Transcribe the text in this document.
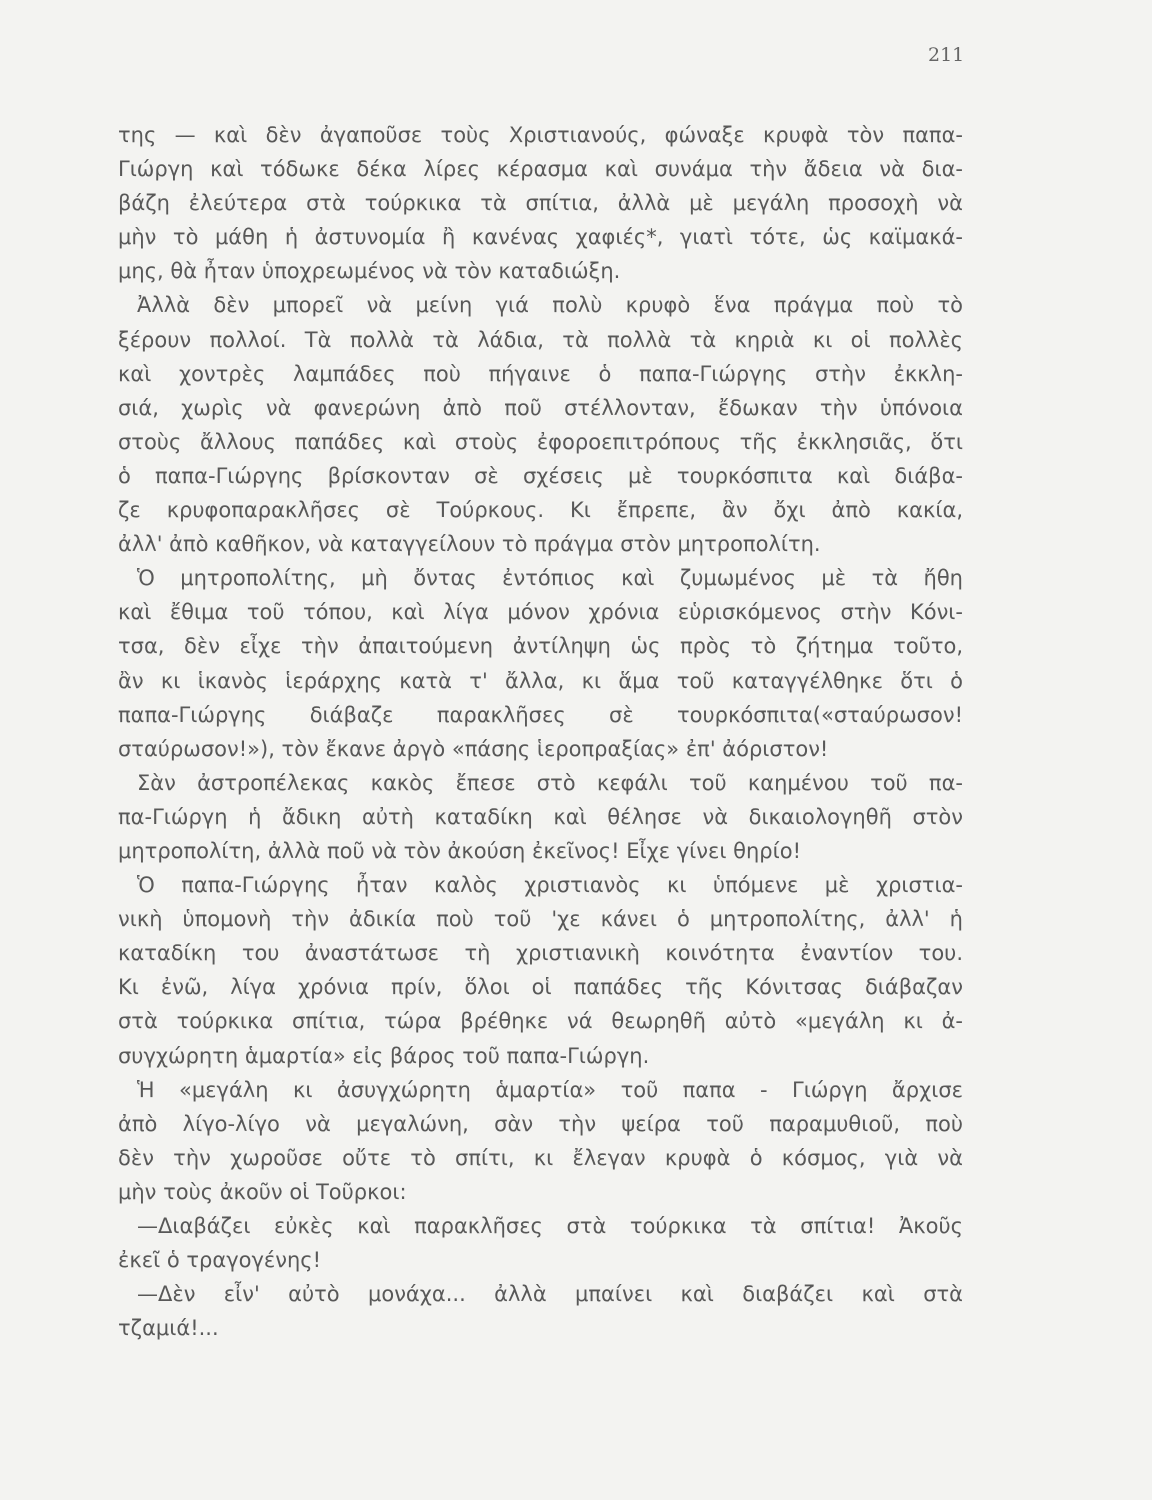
211
της — καὶ δὲν ἀγαποῦσε τοὺς Χριστιανούς, φώναξε κρυφὰ τὸν παπα-
Γιώργη καὶ τόδωκε δέκα λίρες κέρασμα καὶ συνάμα τὴν ἄδεια νὰ δια-
βάζη ἐλεύτερα στὰ τούρκικα τὰ σπίτια, ἀλλὰ μὲ μεγάλη προσοχὴ νὰ
μὴν τὸ μάθη ἡ ἀστυνομία ἢ κανένας χαφιές*, γιατὶ τότε, ὡς καϊμακά-
μης, θὰ ἦταν ὑποχρεωμένος νὰ τὸν καταδιώξη.
Ἀλλὰ δὲν μπορεῖ νὰ μείνη γιά πολὺ κρυφὸ ἕνα πράγμα ποὺ τὸ
ξέρουν πολλοί. Τὰ πολλὰ τὰ λάδια, τὰ πολλὰ τὰ κηριὰ κι οἱ πολλὲς
καὶ χοντρὲς λαμπάδες ποὺ πήγαινε ὁ παπα-Γιώργης στὴν ἐκκλη-
σιά, χωρὶς νὰ φανερώνη ἀπὸ ποῦ στέλλονταν, ἔδωκαν τὴν ὑπόνοια
στοὺς ἄλλους παπάδες καὶ στοὺς ἐφοροεπιτρόπους τῆς ἐκκλησιᾶς, ὅτι
ὁ παπα-Γιώργης βρίσκονταν σὲ σχέσεις μὲ τουρκόσπιτα καὶ διάβα-
ζε κρυφοπαρακλῆσες σὲ Τούρκους. Κι ἔπρεπε, ἂν ὄχι ἀπὸ κακία,
ἀλλ' ἀπὸ καθῆκον, νὰ καταγγείλουν τὸ πράγμα στὸν μητροπολίτη.
Ὁ μητροπολίτης, μὴ ὄντας ἐντόπιος καὶ ζυμωμένος μὲ τὰ ἤθη
καὶ ἔθιμα τοῦ τόπου, καὶ λίγα μόνον χρόνια εὑρισκόμενος στὴν Κόνι-
τσα, δὲν εἶχε τὴν ἀπαιτούμενη ἀντίληψη ὡς πρὸς τὸ ζήτημα τοῦτο,
ἂν κι ἱκανὸς ἱεράρχης κατὰ τ' ἄλλα, κι ἅμα τοῦ καταγγέλθηκε ὅτι ὁ
παπα-Γιώργης διάβαζε παρακλῆσες σὲ τουρκόσπιτα(«σταύρωσον!
σταύρωσον!»), τὸν ἔκανε ἀργὸ «πάσης ἱεροπραξίας» ἐπ' ἀόριστον!
Σὰν ἀστροπέλεκας κακὸς ἔπεσε στὸ κεφάλι τοῦ καημένου τοῦ πα-
πα-Γιώργη ἡ ἄδικη αὐτὴ καταδίκη καὶ θέλησε νὰ δικαιολογηθῆ στὸν
μητροπολίτη, ἀλλὰ ποῦ νὰ τὸν ἀκούση ἐκεῖνος! Εἶχε γίνει θηρίο!
Ὁ παπα-Γιώργης ἦταν καλὸς χριστιανὸς κι ὑπόμενε μὲ χριστια-
νικὴ ὑπομονὴ τὴν ἀδικία ποὺ τοῦ 'χε κάνει ὁ μητροπολίτης, ἀλλ' ἡ
καταδίκη του ἀναστάτωσε τὴ χριστιανικὴ κοινότητα ἐναντίον του.
Κι ἐνῶ, λίγα χρόνια πρίν, ὅλοι οἱ παπάδες τῆς Κόνιτσας διάβαζαν
στὰ τούρκικα σπίτια, τώρα βρέθηκε νά θεωρηθῆ αὐτὸ «μεγάλη κι ἀ-
συγχώρητη ἁμαρτία» εἰς βάρος τοῦ παπα-Γιώργη.
Ἡ «μεγάλη κι ἀσυγχώρητη ἁμαρτία» τοῦ παπα - Γιώργη ἄρχισε
ἀπὸ λίγο-λίγο νὰ μεγαλώνη, σὰν τὴν ψείρα τοῦ παραμυθιοῦ, ποὺ
δὲν τὴν χωροῦσε οὔτε τὸ σπίτι, κι ἔλεγαν κρυφὰ ὁ κόσμος, γιὰ νὰ
μὴν τοὺς ἀκοῦν οἱ Τοῦρκοι:
—Διαβάζει εὐκὲς καὶ παρακλῆσες στὰ τούρκικα τὰ σπίτια! Ἀκοῦς
ἐκεῖ ὁ τραγογένης!
—Δὲν εἶν' αὐτὸ μονάχα... ἀλλὰ μπαίνει καὶ διαβάζει καὶ στὰ
τζαμιά!...
